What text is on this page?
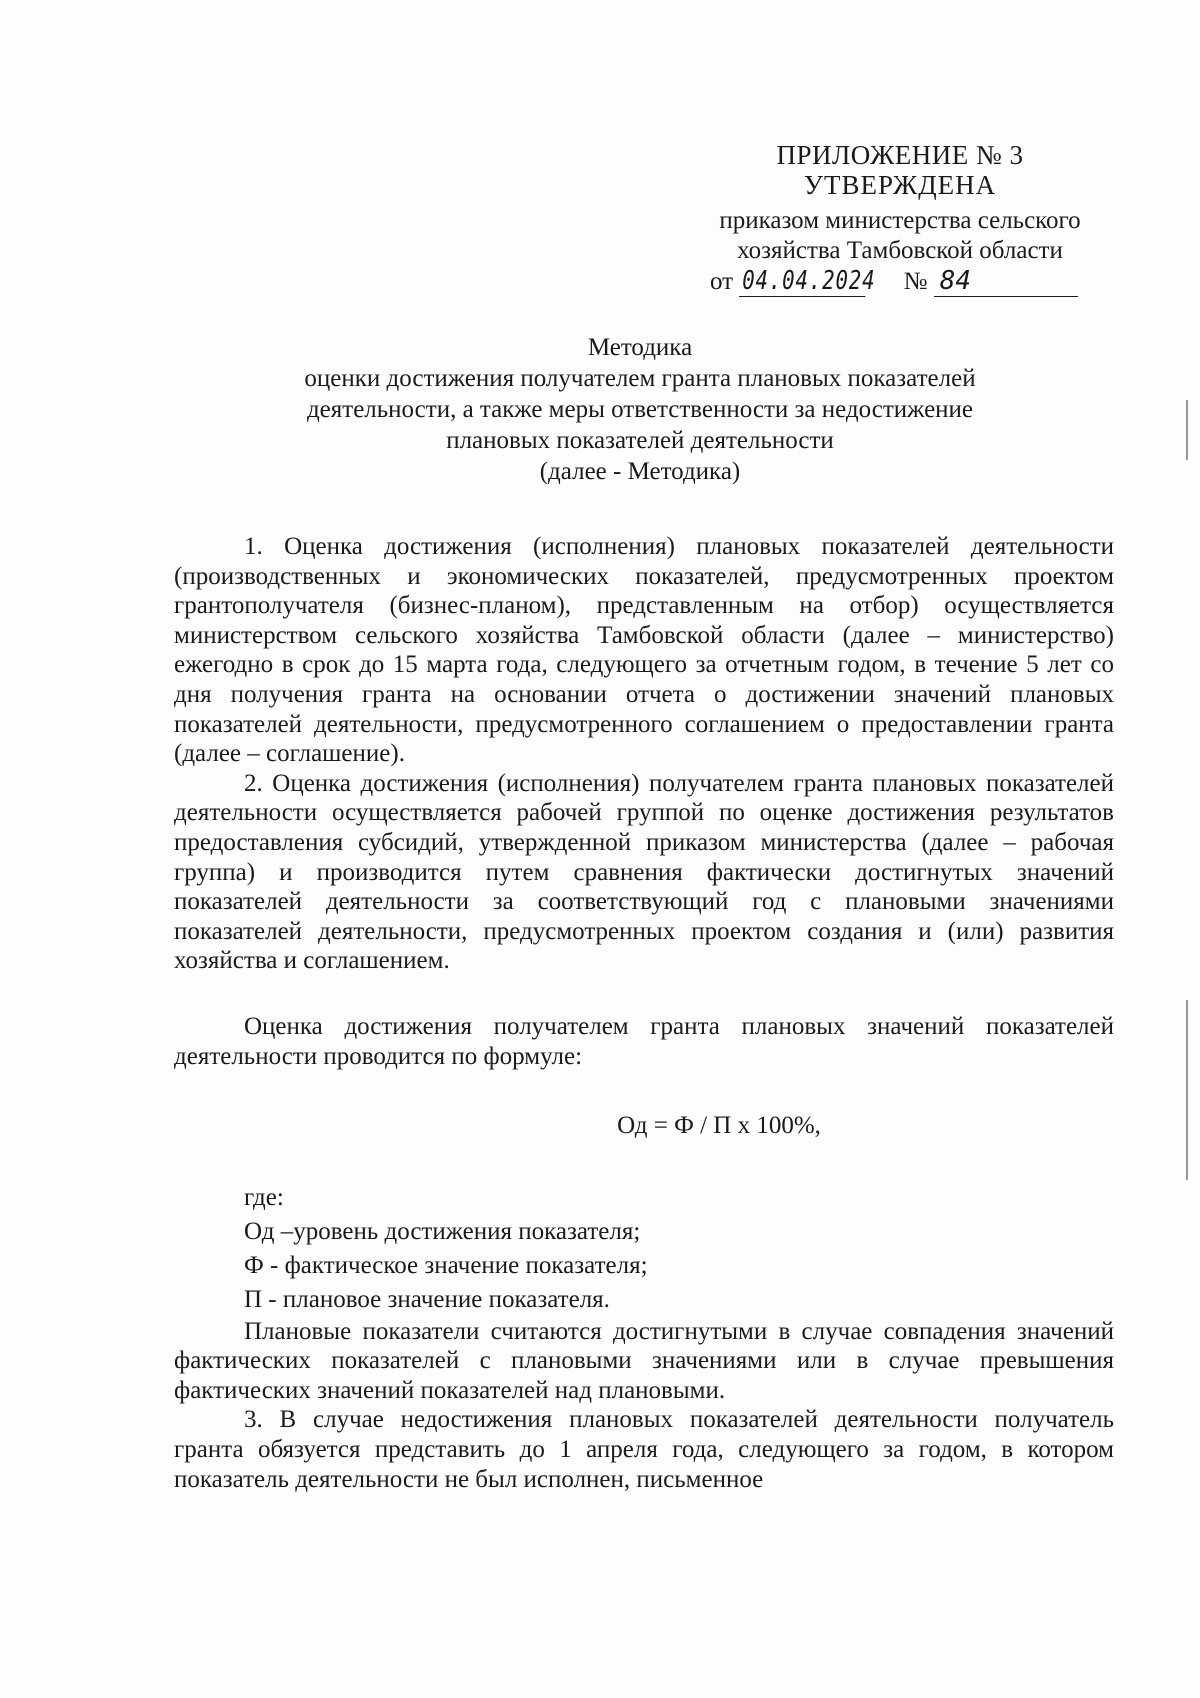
ПРИЛОЖЕНИЕ № 3
УТВЕРЖДЕНА
приказом министерства сельского
хозяйства Тамбовской области
от 04.04.2024 № 84
Методика
оценки достижения получателем гранта плановых показателей
деятельности, а также меры ответственности за недостижение
плановых показателей деятельности
(далее - Методика)

1. Оценка достижения (исполнения) плановых показателей деятельности (производственных и экономических показателей, предусмотренных проектом грантополучателя (бизнес-планом), представленным на отбор) осуществляется министерством сельского хозяйства Тамбовской области (далее – министерство) ежегодно в срок до 15 марта года, следующего за отчетным годом, в течение 5 лет со дня получения гранта на основании отчета о достижении значений плановых показателей деятельности, предусмотренного соглашением о предоставлении гранта (далее – соглашение).

2. Оценка достижения (исполнения) получателем гранта плановых показателей деятельности осуществляется рабочей группой по оценке достижения результатов предоставления субсидий, утвержденной приказом министерства (далее – рабочая группа) и производится путем сравнения фактически достигнутых значений показателей деятельности за соответствующий год с плановыми значениями показателей деятельности, предусмотренных проектом создания и (или) развития хозяйства и соглашением.

Оценка достижения получателем гранта плановых значений показателей деятельности проводится по формуле:

Од = Ф / П х 100%,
где:
Од –уровень достижения показателя;
Ф - фактическое значение показателя;
П - плановое значение показателя.

Плановые показатели считаются достигнутыми в случае совпадения значений фактических показателей с плановыми значениями или в случае превышения фактических значений показателей над плановыми.

3. В случае недостижения плановых показателей деятельности получатель гранта обязуется представить до 1 апреля года, следующего за годом, в котором показатель деятельности не был исполнен, письменное
